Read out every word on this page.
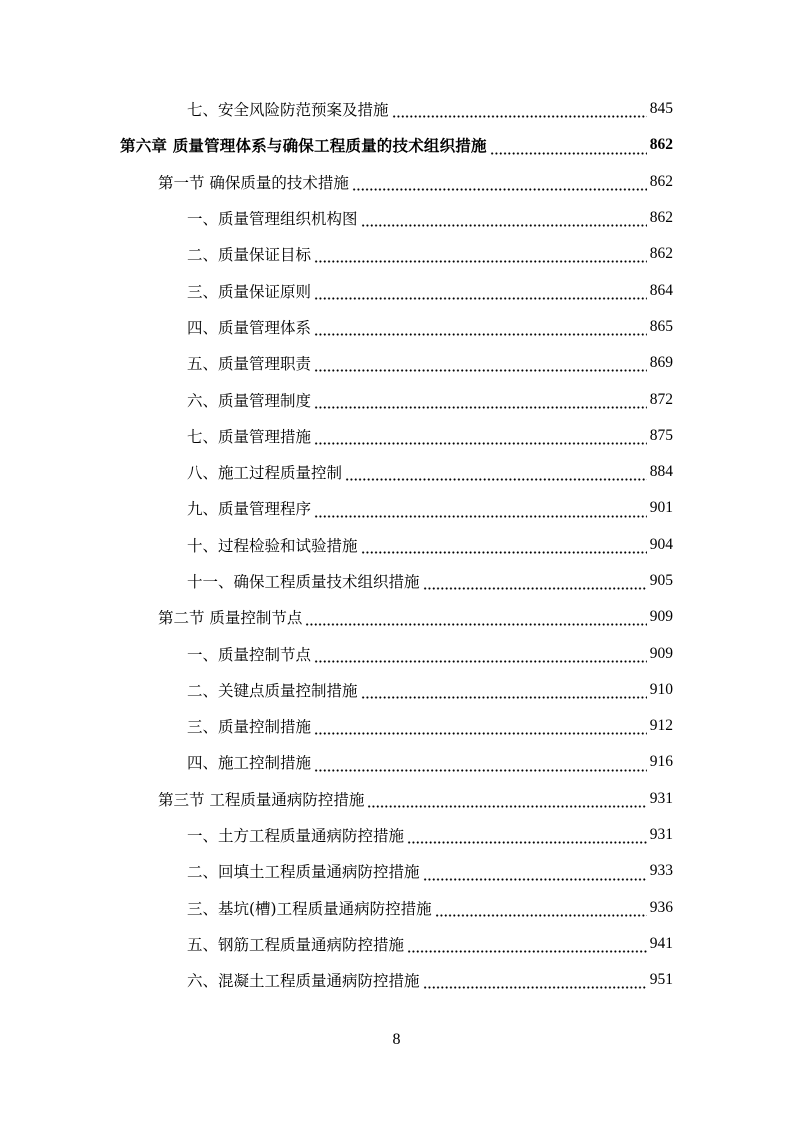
七、安全风险防范预案及措施	845
第六章 质量管理体系与确保工程质量的技术组织措施	862
第一节 确保质量的技术措施	862
一、质量管理组织机构图	862
二、质量保证目标	862
三、质量保证原则	864
四、质量管理体系	865
五、质量管理职责	869
六、质量管理制度	872
七、质量管理措施	875
八、施工过程质量控制	884
九、质量管理程序	901
十、过程检验和试验措施	904
十一、确保工程质量技术组织措施	905
第二节 质量控制节点	909
一、质量控制节点	909
二、关键点质量控制措施	910
三、质量控制措施	912
四、施工控制措施	916
第三节 工程质量通病防控措施	931
一、土方工程质量通病防控措施	931
二、回填土工程质量通病防控措施	933
三、基坑(槽)工程质量通病防控措施	936
五、钢筋工程质量通病防控措施	941
六、混凝土工程质量通病防控措施	951
8
